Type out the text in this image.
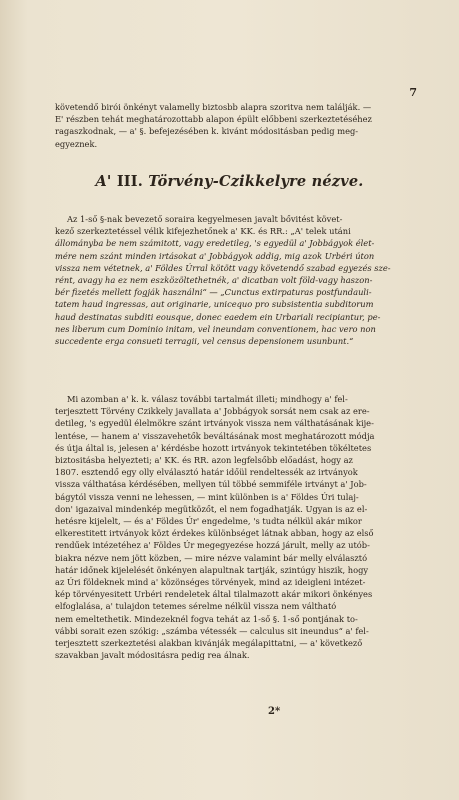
7
követendő birói önkényt valamelly biztosbb alapra szoritva nem találják. —
E' részben tehát meghatározottabb alapon épült előbbeni szerkeztetéséhez
ragaszkodnak, — a' §. befejezésében k. kivánt módositásban pedig meg-
egyeznek.
A' III. Törvény-Czikkelyre nézve.
Az 1-ső §-nak bevezető soraira kegyelmesen javalt bővitést követ-
kező szerkeztetéssel vélik kifejezhetőnek a' KK. és RR.: „A' telek utáni
állományba be nem számitott, vagy eredetileg, 's egyedül a' Jobbágyok élet-
mére nem szánt minden irtásokat a' Jobbágyok addig, mig azok Urbéri úton
vissza nem vétetnek, a' Földes Úrral kötött vagy követendő szabad egyezés sze-
rént, avagy ha ez nem eszközöltethetnék, a' dicatban volt föld-vagy haszon-
bér fizetés mellett fogják használni“ — „Cunctus extirpaturas postfundauli-
tatem haud ingressas, aut originarie, unicequo pro subsistentia subditorum
haud destinatas subditi eousque, donec eaedem ein Urbariali recipiantur, pe-
nes liberum cum Dominio initam, vel ineundam conventionem, hac vero non
succedente erga consueti terragii, vel census depensionem usunbunt.“
Mi azomban a' k. k. válasz további tartalmát illeti; mindhogy a' fel-
terjesztett Törvény Czikkely javallata a' Jobbágyok sorsát nem csak az ere-
detileg, 's egyedül élelmökre szánt irtványok vissza nem válthatásának kije-
lentése, — hanem a' visszavehetők beváltásának most meghatározott módja
és útja által is, jelesen a' kérdésbe hozott irtványok tekintetében tökéltetes
biztositásba helyezteti; a' KK. és RR. azon legfelsőbb előadást, hogy az
1807. esztendő egy olly elválasztó határ időül rendeltessék az irtványok
vissza válthatása kérdésében, mellyen túl többé semmiféle irtványt a' Job-
bágytól vissza venni ne lehessen, — mint különben is a' Földes Úri tulaj-
don' igazaival mindenkép megütközőt, el nem fogadhatják. Ugyan is az el-
hetésre kijelelt, — és a' Földes Úr' engedelme, 's tudta nélkül akár mikor
elkerestitett irtványok közt érdekes különbséget látnak abban, hogy az első
rendűek intézetéhez a' Földes Úr megegyezése hozzá járult, melly az utób-
biakra nézve nem jött közben, — mire nézve valamint bár melly elválasztó
határ időnek kijelelését önkényen alapultnak tartják, szintúgy hiszik, hogy
az Úri földeknek mind a' közönséges törvények, mind az ideigleni intézet-
kép törvényesitett Urbéri rendeletek által tilalmazott akár mikori önkényes
elfoglalása, a' tulajdon tetemes sérelme nélkül vissza nem váltható
nem emeltethetik. Mindezeknél fogva tehát az 1-ső §. 1-ső pontjának to-
vábbi sorait ezen szókig: „számba vétessék — calculus sit ineundus“ a' fel-
terjesztett szerkeztetési alakban kivánják megálapittatni, — a' következő
szavakban javalt módositásra pedig rea álnak.
2*
